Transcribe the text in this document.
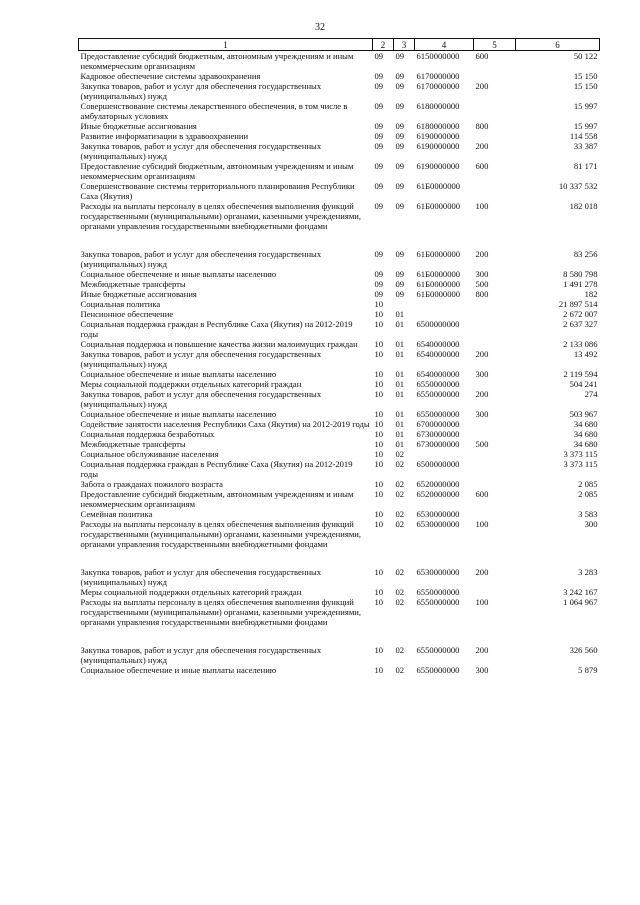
32
1	2	3	4	5	6
Предоставление субсидий бюджетным, автономным учреждениям и иным некоммерческим организациям	09	09	6150000000	600	50 122
Кадровое обеспечение системы здравоохранения	09	09	6170000000		15 150
Закупка товаров, работ и услуг для обеспечения государственных (муниципальных) нужд	09	09	6170000000	200	15 150
Совершенствование системы лекарственного обеспечения, в том числе в амбулаторных условиях	09	09	6180000000		15 997
Иные бюджетные ассигнования	09	09	6180000000	800	15 997
Развитие информатизации в здравоохранении	09	09	6190000000		114 558
Закупка товаров, работ и услуг для обеспечения государственных (муниципальных) нужд	09	09	6190000000	200	33 387
Предоставление субсидий бюджетным, автономным учреждениям и иным некоммерческим организациям	09	09	6190000000	600	81 171
Совершенствование системы территориального планирования Республики Саха (Якутия)	09	09	61Б0000000		10 337 532
Расходы на выплаты персоналу в целях обеспечения выполнения функций государственными (муниципальными) органами, казенными учреждениями, органами управления государственными внебюджетными фондами	09	09	61Б0000000	100	182 018
Закупка товаров, работ и услуг для обеспечения государственных (муниципальных) нужд	09	09	61Б0000000	200	83 256
Социальное обеспечение и иные выплаты населению	09	09	61Б0000000	300	8 580 798
Межбюджетные трансферты	09	09	61Б0000000	500	1 491 278
Иные бюджетные ассигнования	09	09	61Б0000000	800	182
Социальная политика	10				21 897 514
Пенсионное обеспечение	10	01			2 672 007
Социальная поддержка граждан в Республике Саха (Якутия) на 2012-2019 годы	10	01	6500000000		2 637 327
Социальная поддержка и повышение качества жизни малоимущих граждан	10	01	6540000000		2 133 086
Закупка товаров, работ и услуг для обеспечения государственных (муниципальных) нужд	10	01	6540000000	200	13 492
Социальное обеспечение и иные выплаты населению	10	01	6540000000	300	2 119 594
Меры социальной поддержки отдельных категорий граждан	10	01	6550000000		504 241
Закупка товаров, работ и услуг для обеспечения государственных (муниципальных) нужд	10	01	6550000000	200	274
Социальное обеспечение и иные выплаты населению	10	01	6550000000	300	503 967
Содействие занятости населения Республики Саха (Якутия) на 2012-2019 годы	10	01	6700000000		34 680
Социальная поддержка безработных	10	01	6730000000		34 680
Межбюджетные трансферты	10	01	6730000000	500	34 680
Социальное обслуживание населения	10	02			3 373 115
Социальная поддержка граждан в Республике Саха (Якутия) на 2012-2019 годы	10	02	6500000000		3 373 115
Забота о гражданах пожилого возраста	10	02	6520000000		2 085
Предоставление субсидий бюджетным, автономным учреждениям и иным некоммерческим организациям	10	02	6520000000	600	2 085
Семейная политика	10	02	6530000000		3 583
Расходы на выплаты персоналу в целях обеспечения выполнения функций государственными (муниципальными) органами, казенными учреждениями, органами управления государственными внебюджетными фондами	10	02	6530000000	100	300
Закупка товаров, работ и услуг для обеспечения государственных (муниципальных) нужд	10	02	6530000000	200	3 283
Меры социальной поддержки отдельных категорий граждан	10	02	6550000000		3 242 167
Расходы на выплаты персоналу в целях обеспечения выполнения функций государственными (муниципальными) органами, казенными учреждениями, органами управления государственными внебюджетными фондами	10	02	6550000000	100	1 064 967
Закупка товаров, работ и услуг для обеспечения государственных (муниципальных) нужд	10	02	6550000000	200	326 560
Социальное обеспечение и иные выплаты населению	10	02	6550000000	300	5 879
